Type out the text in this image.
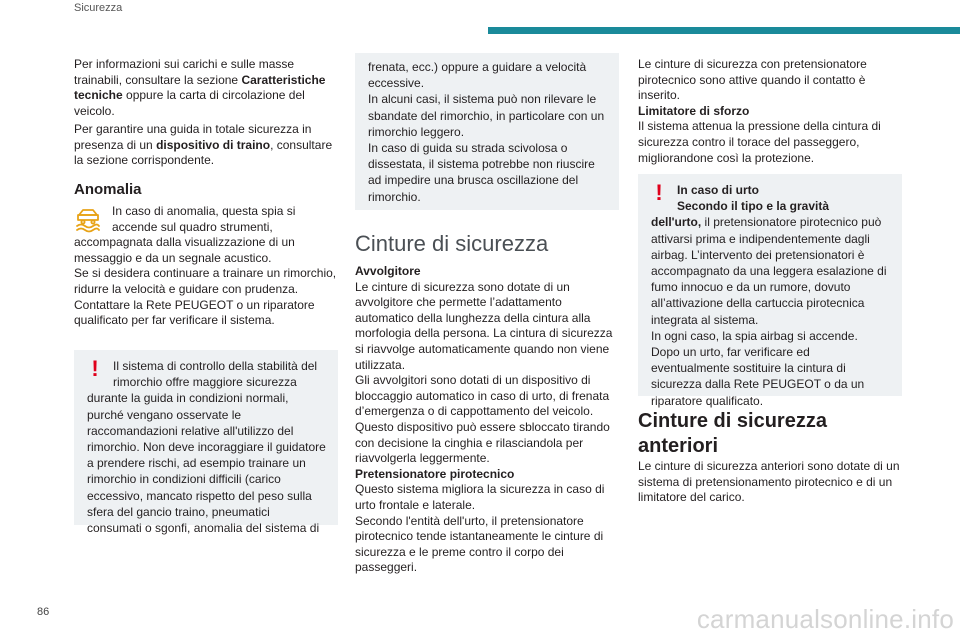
Sicurezza

Per informazioni sui carichi e sulle masse trainabili, consultare la sezione Caratteristiche tecniche oppure la carta di circolazione del veicolo.

Per garantire una guida in totale sicurezza in presenza di un dispositivo di traino, consultare la sezione corrispondente.

Anomalia

In caso di anomalia, questa spia si

accende sul quadro strumenti,

accompagnata dalla visualizzazione di un messaggio e da un segnale acustico.

Se si desidera continuare a trainare un rimorchio, ridurre la velocità e guidare con prudenza.

Contattare la Rete PEUGEOT o un riparatore qualificato per far verificare il sistema.

!	Il sistema di controllo della stabilità del

rimorchio offre maggiore sicurezza

durante la guida in condizioni normali, purché vengano osservate le raccomandazioni relative all'utilizzo del rimorchio. Non deve incoraggiare il guidatore a prendere rischi, ad esempio trainare un rimorchio in condizioni difficili (carico eccessivo, mancato rispetto del peso sulla sfera del gancio traino, pneumatici consumati o sgonfi, anomalia del sistema di

frenata, ecc.) oppure a guidare a velocità eccessive.

In alcuni casi, il sistema può non rilevare le sbandate del rimorchio, in particolare con un rimorchio leggero.

In caso di guida su strada scivolosa o dissestata, il sistema potrebbe non riuscire ad impedire una brusca oscillazione del rimorchio.

Cinture di sicurezza

Avvolgitore

Le cinture di sicurezza sono dotate di un avvolgitore che permette l’adattamento automatico della lunghezza della cintura alla morfologia della persona. La cintura di sicurezza si riavvolge automaticamente quando non viene utilizzata.

Gli avvolgitori sono dotati di un dispositivo di bloccaggio automatico in caso di urto, di frenata d’emergenza o di cappottamento del veicolo. Questo dispositivo può essere sbloccato tirando con decisione la cinghia e rilasciandola per riavvolgerla leggermente.

Pretensionatore pirotecnico

Questo sistema migliora la sicurezza in caso di urto frontale e laterale.

Secondo l'entità dell'urto, il pretensionatore pirotecnico tende istantaneamente le cinture di sicurezza e le preme contro il corpo dei passeggeri.

Le cinture di sicurezza con pretensionatore pirotecnico sono attive quando il contatto è inserito.

Limitatore di sforzo

Il sistema attenua la pressione della cintura di sicurezza contro il torace del passeggero, migliorandone così la protezione.

!	In caso di urto

Secondo il tipo e la gravità

dell'urto, il pretensionatore pirotecnico può attivarsi prima e indipendentemente dagli airbag. L’intervento dei pretensionatori è accompagnato da una leggera esalazione di fumo innocuo e da un rumore, dovuto all’attivazione della cartuccia pirotecnica integrata al sistema.

In ogni caso, la spia airbag si accende.

Dopo un urto, far verificare ed eventualmente sostituire la cintura di sicurezza dalla Rete PEUGEOT o da un riparatore qualificato.

Cinture di sicurezza anteriori

Le cinture di sicurezza anteriori sono dotate di un sistema di pretensionamento pirotecnico e di un limitatore del carico.

86	carmanualsonline.info
